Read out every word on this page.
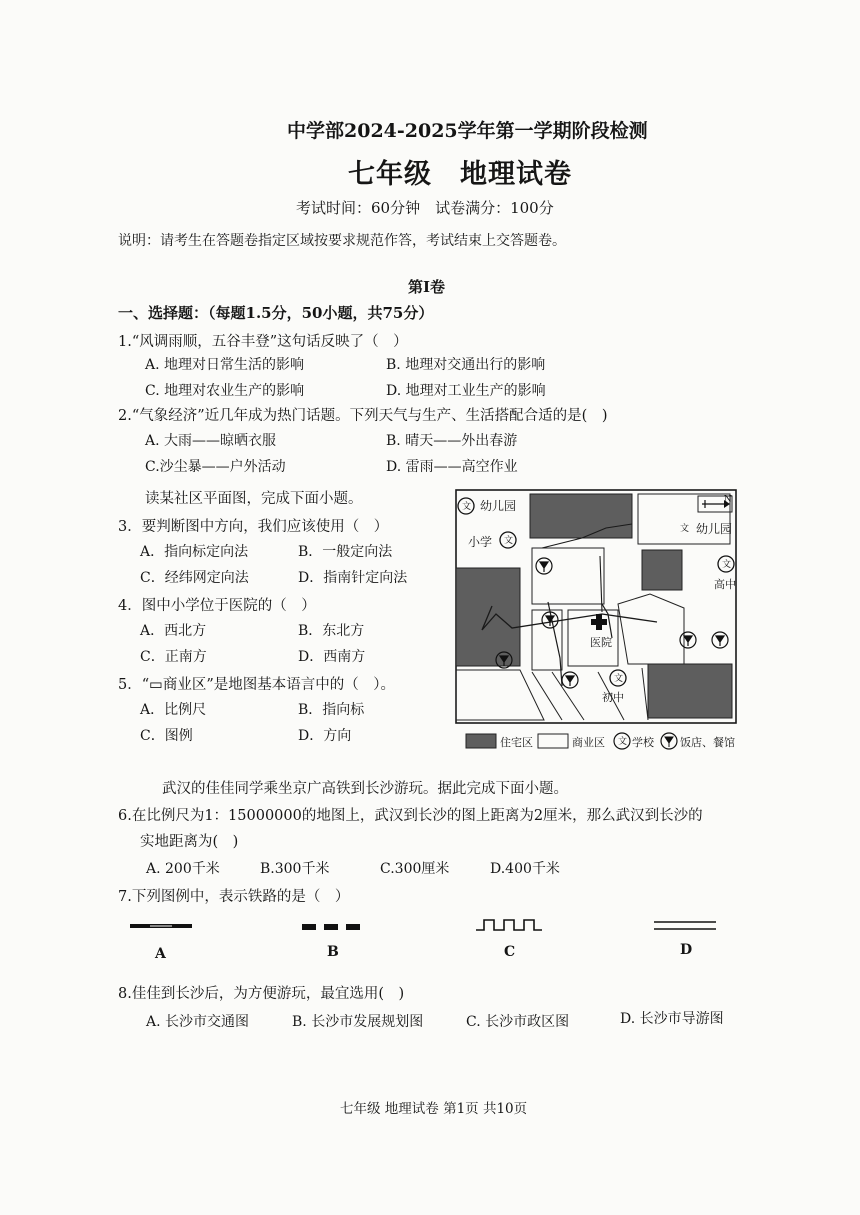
中学部2024-2025学年第一学期阶段检测
七年级　地理试卷
考试时间：60分钟　试卷满分：100分
说明：请考生在答题卷指定区域按要求规范作答，考试结束上交答题卷。
第Ⅰ卷
一、选择题：（每题1.5分，50小题，共75分）
1.“风调雨顺，五谷丰登”这句话反映了（　）
A. 地理对日常生活的影响	B. 地理对交通出行的影响
C. 地理对农业生产的影响	D. 地理对工业生产的影响
2.“气象经济”近几年成为热门话题。下列天气与生产、生活搭配合适的是(　)
A. 大雨——晾晒衣服	B. 晴天——外出春游
C.沙尘暴——户外活动	D. 雷雨——高空作业
读某社区平面图，完成下面小题。
3．要判断图中方向，我们应该使用（　）
A．指向标定向法	B．一般定向法
C．经纬网定向法	D．指南针定向法
4．图中小学位于医院的（　）
A．西北方	B．东北方
C．正南方	D．西南方
5．“▭商业区”是地图基本语言中的（　）。
A．比例尺	B．指向标
C．图例	D．方向
文 幼儿园
文 幼儿园
小学 文
文
高中
医院
文
初中
N
住宅区	商业区 文 学校 饭店、餐馆
武汉的佳佳同学乘坐京广高铁到长沙游玩。据此完成下面小题。
6.在比例尺为1：15000000的地图上，武汉到长沙的图上距离为2厘米，那么武汉到长沙的
实地距离为(　)
A. 200千米	B.300千米	C.300厘米	D.400千米
7.下列图例中，表示铁路的是（　）
A	B	C	D
8.佳佳到长沙后，为方便游玩，最宜选用(　)
A. 长沙市交通图	B. 长沙市发展规划图	C. 长沙市政区图	D. 长沙市导游图
七年级 地理试卷 第1页 共10页
